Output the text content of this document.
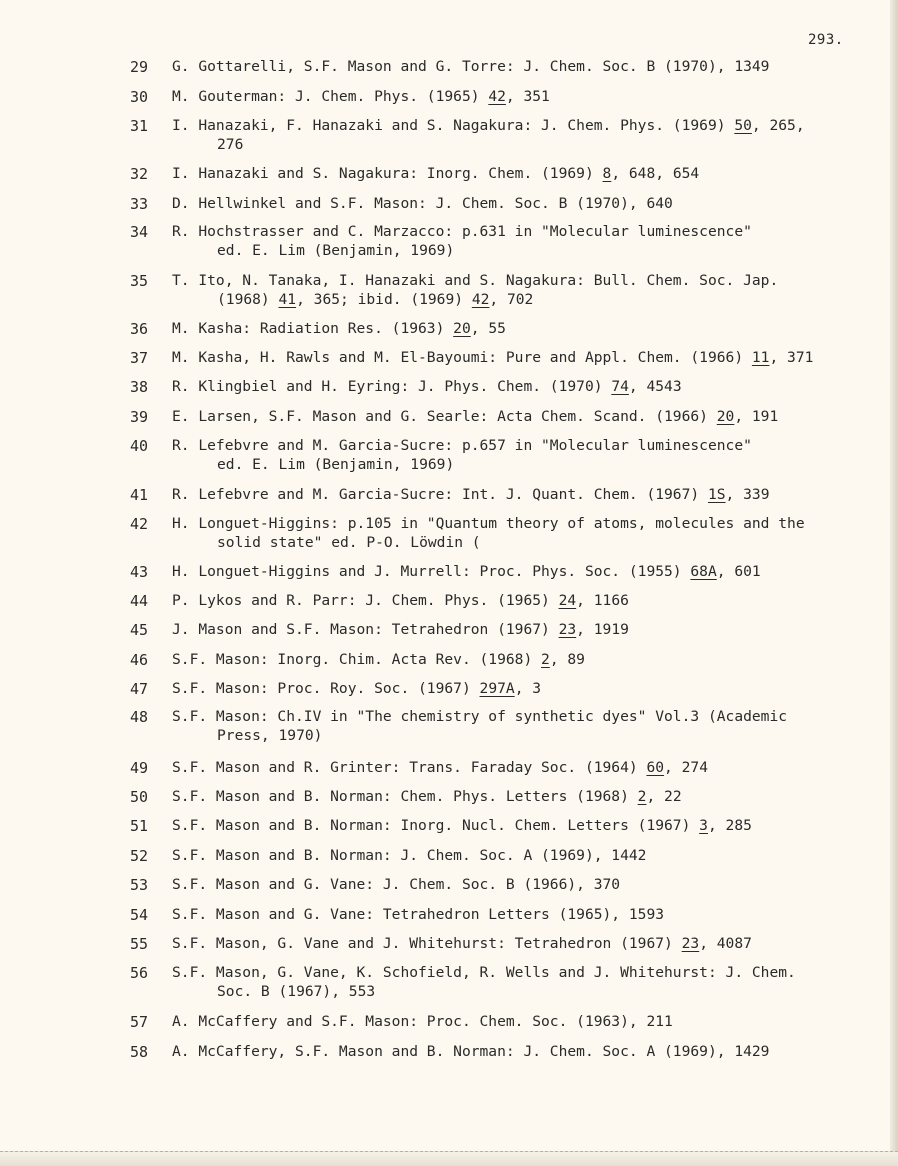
293.
29 G. Gottarelli, S.F. Mason and G. Torre: J. Chem. Soc. B (1970), 1349
30 M. Gouterman: J. Chem. Phys. (1965) 42, 351
31 I. Hanazaki, F. Hanazaki and S. Nagakura: J. Chem. Phys. (1969) 50, 265,
276
32 I. Hanazaki and S. Nagakura: Inorg. Chem. (1969) 8, 648, 654
33 D. Hellwinkel and S.F. Mason: J. Chem. Soc. B (1970), 640
34 R. Hochstrasser and C. Marzacco: p.631 in "Molecular luminescence"
ed. E. Lim (Benjamin, 1969)
35 T. Ito, N. Tanaka, I. Hanazaki and S. Nagakura: Bull. Chem. Soc. Jap.
(1968) 41, 365; ibid. (1969) 42, 702
36 M. Kasha: Radiation Res. (1963) 20, 55
37 M. Kasha, H. Rawls and M. El-Bayoumi: Pure and Appl. Chem. (1966) 11, 371
38 R. Klingbiel and H. Eyring: J. Phys. Chem. (1970) 74, 4543
39 E. Larsen, S.F. Mason and G. Searle: Acta Chem. Scand. (1966) 20, 191
40 R. Lefebvre and M. Garcia-Sucre: p.657 in "Molecular luminescence"
ed. E. Lim (Benjamin, 1969)
41 R. Lefebvre and M. Garcia-Sucre: Int. J. Quant. Chem. (1967) 1S, 339
42 H. Longuet-Higgins: p.105 in "Quantum theory of atoms, molecules and the
solid state" ed. P-O. Löwdin (
43 H. Longuet-Higgins and J. Murrell: Proc. Phys. Soc. (1955) 68A, 601
44 P. Lykos and R. Parr: J. Chem. Phys. (1965) 24, 1166
45 J. Mason and S.F. Mason: Tetrahedron (1967) 23, 1919
46 S.F. Mason: Inorg. Chim. Acta Rev. (1968) 2, 89
47 S.F. Mason: Proc. Roy. Soc. (1967) 297A, 3
48 S.F. Mason: Ch.IV in "The chemistry of synthetic dyes" Vol.3 (Academic
Press, 1970)
49 S.F. Mason and R. Grinter: Trans. Faraday Soc. (1964) 60, 274
50 S.F. Mason and B. Norman: Chem. Phys. Letters (1968) 2, 22
51 S.F. Mason and B. Norman: Inorg. Nucl. Chem. Letters (1967) 3, 285
52 S.F. Mason and B. Norman: J. Chem. Soc. A (1969), 1442
53 S.F. Mason and G. Vane: J. Chem. Soc. B (1966), 370
54 S.F. Mason and G. Vane: Tetrahedron Letters (1965), 1593
55 S.F. Mason, G. Vane and J. Whitehurst: Tetrahedron (1967) 23, 4087
56 S.F. Mason, G. Vane, K. Schofield, R. Wells and J. Whitehurst: J. Chem.
Soc. B (1967), 553
57 A. McCaffery and S.F. Mason: Proc. Chem. Soc. (1963), 211
58 A. McCaffery, S.F. Mason and B. Norman: J. Chem. Soc. A (1969), 1429
